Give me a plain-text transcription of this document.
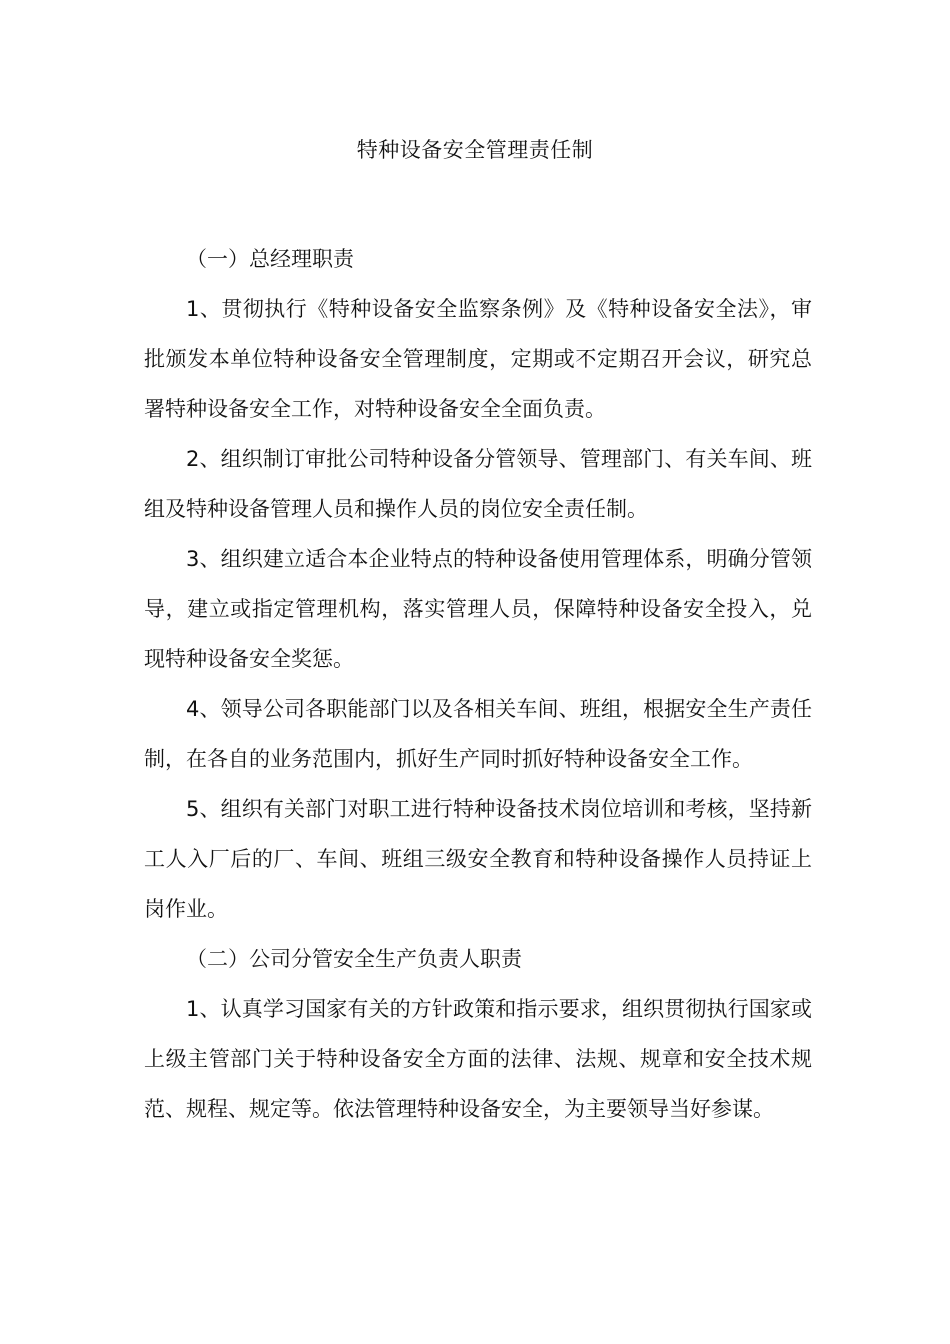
特种设备安全管理责任制

（一）总经理职责

1、贯彻执行《特种设备安全监察条例》及《特种设备安全法》，审批颁发本单位特种设备安全管理制度，定期或不定期召开会议，研究总署特种设备安全工作，对特种设备安全全面负责。

2、组织制订审批公司特种设备分管领导、管理部门、有关车间、班组及特种设备管理人员和操作人员的岗位安全责任制。

3、组织建立适合本企业特点的特种设备使用管理体系，明确分管领导，建立或指定管理机构，落实管理人员，保障特种设备安全投入，兑现特种设备安全奖惩。

4、领导公司各职能部门以及各相关车间、班组，根据安全生产责任制，在各自的业务范围内，抓好生产同时抓好特种设备安全工作。

5、组织有关部门对职工进行特种设备技术岗位培训和考核，坚持新工人入厂后的厂、车间、班组三级安全教育和特种设备操作人员持证上岗作业。

（二）公司分管安全生产负责人职责

1、认真学习国家有关的方针政策和指示要求，组织贯彻执行国家或上级主管部门关于特种设备安全方面的法律、法规、规章和安全技术规范、规程、规定等。依法管理特种设备安全，为主要领导当好参谋。
